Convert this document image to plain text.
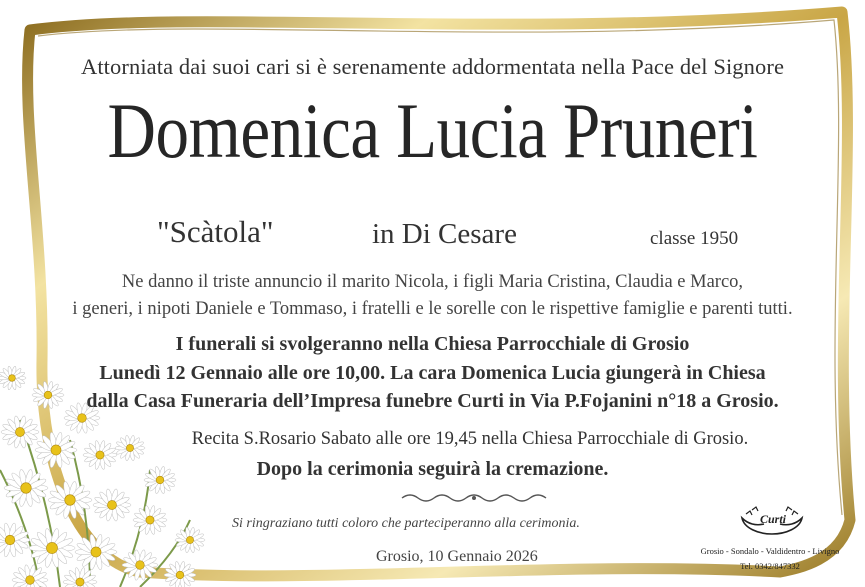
Attorniata dai suoi cari si è serenamente addormentata nella Pace del Signore
Domenica Lucia Pruneri
"Scàtola"	in Di Cesare	classe 1950
Ne danno il triste annuncio il marito Nicola, i figli Maria Cristina, Claudia e Marco,
i generi, i nipoti Daniele e Tommaso, i fratelli e le sorelle con le rispettive famiglie e parenti tutti.
I funerali si svolgeranno nella Chiesa Parrocchiale di Grosio
Lunedì 12 Gennaio alle ore 10,00. La cara Domenica Lucia giungerà in Chiesa
dalla Casa Funeraria dell’Impresa funebre Curti in Via P.Fojanini n°18 a Grosio.
Recita S.Rosario Sabato alle ore 19,45 nella Chiesa Parrocchiale di Grosio.
Dopo la cerimonia seguirà la cremazione.
Si ringraziano tutti coloro che parteciperanno alla cerimonia.
Grosio, 10 Gennaio 2026
Curti
Grosio - Sondalo - Valdidentro - Livigno
Tel. 0342/847332
